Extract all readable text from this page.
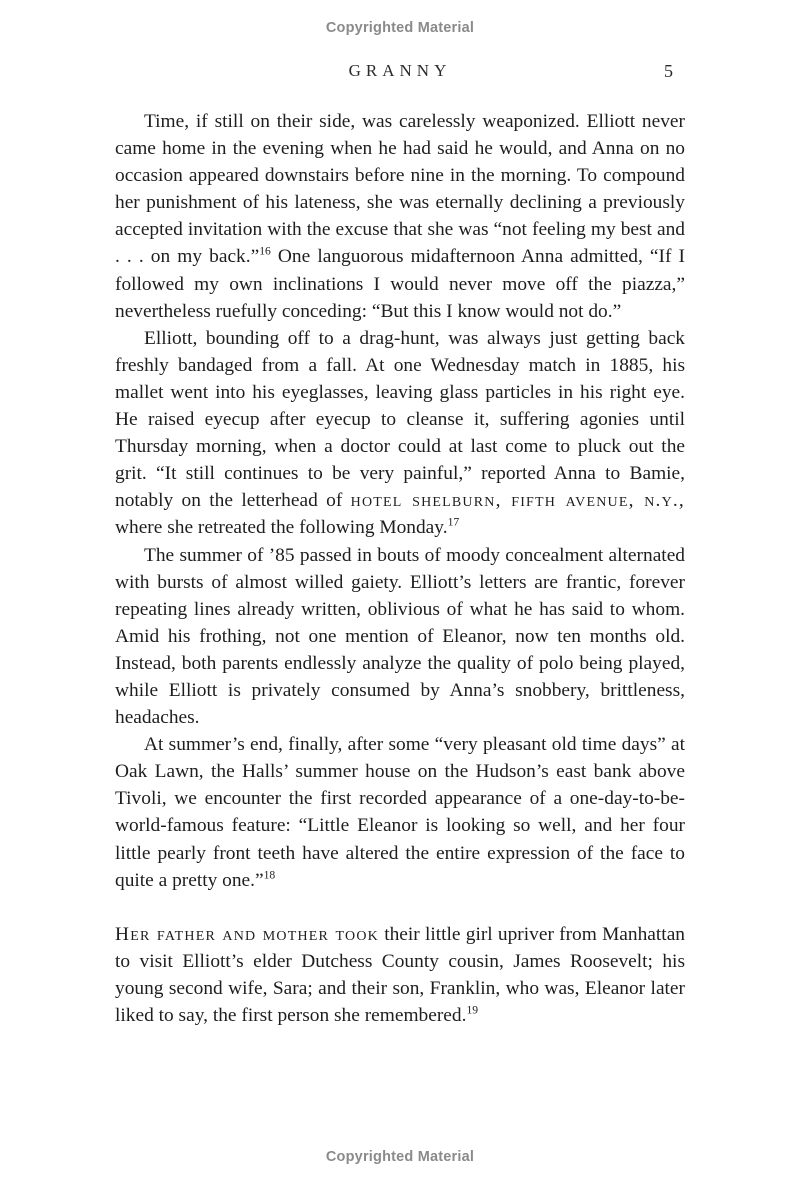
Copyrighted Material
GRANNY	5

Time, if still on their side, was carelessly weaponized. Elliott never came home in the evening when he had said he would, and Anna on no occasion appeared downstairs before nine in the morning. To compound her punishment of his lateness, she was eternally declining a previously accepted invitation with the excuse that she was “not feeling my best and . . . on my back.”$^{16}$ One languorous midafternoon Anna admitted, “If I followed my own inclinations I would never move off the piazza,” nevertheless ruefully conceding: “But this I know would not do.”

Elliott, bounding off to a drag-hunt, was always just getting back freshly bandaged from a fall. At one Wednesday match in 1885, his mallet went into his eyeglasses, leaving glass particles in his right eye. He raised eyecup after eyecup to cleanse it, suffering agonies until Thursday morning, when a doctor could at last come to pluck out the grit. “It still continues to be very painful,” reported Anna to Bamie, notably on the letterhead of hotel shelburn, fifth avenue, n.y., where she retreated the following Monday.$^{17}$

The summer of ’85 passed in bouts of moody concealment alternated with bursts of almost willed gaiety. Elliott’s letters are frantic, forever repeating lines already written, oblivious of what he has said to whom. Amid his frothing, not one mention of Eleanor, now ten months old. Instead, both parents endlessly analyze the quality of polo being played, while Elliott is privately consumed by Anna’s snobbery, brittleness, headaches.

At summer’s end, finally, after some “very pleasant old time days” at Oak Lawn, the Halls’ summer house on the Hudson’s east bank above Tivoli, we encounter the first recorded appearance of a one-day-to-be-world-famous feature: “Little Eleanor is looking so well, and her four little pearly front teeth have altered the entire expression of the face to quite a pretty one.”$^{18}$

Her father and mother took their little girl upriver from Manhattan to visit Elliott’s elder Dutchess County cousin, James Roosevelt; his young second wife, Sara; and their son, Franklin, who was, Eleanor later liked to say, the first person she remembered.$^{19}$

Copyrighted Material
